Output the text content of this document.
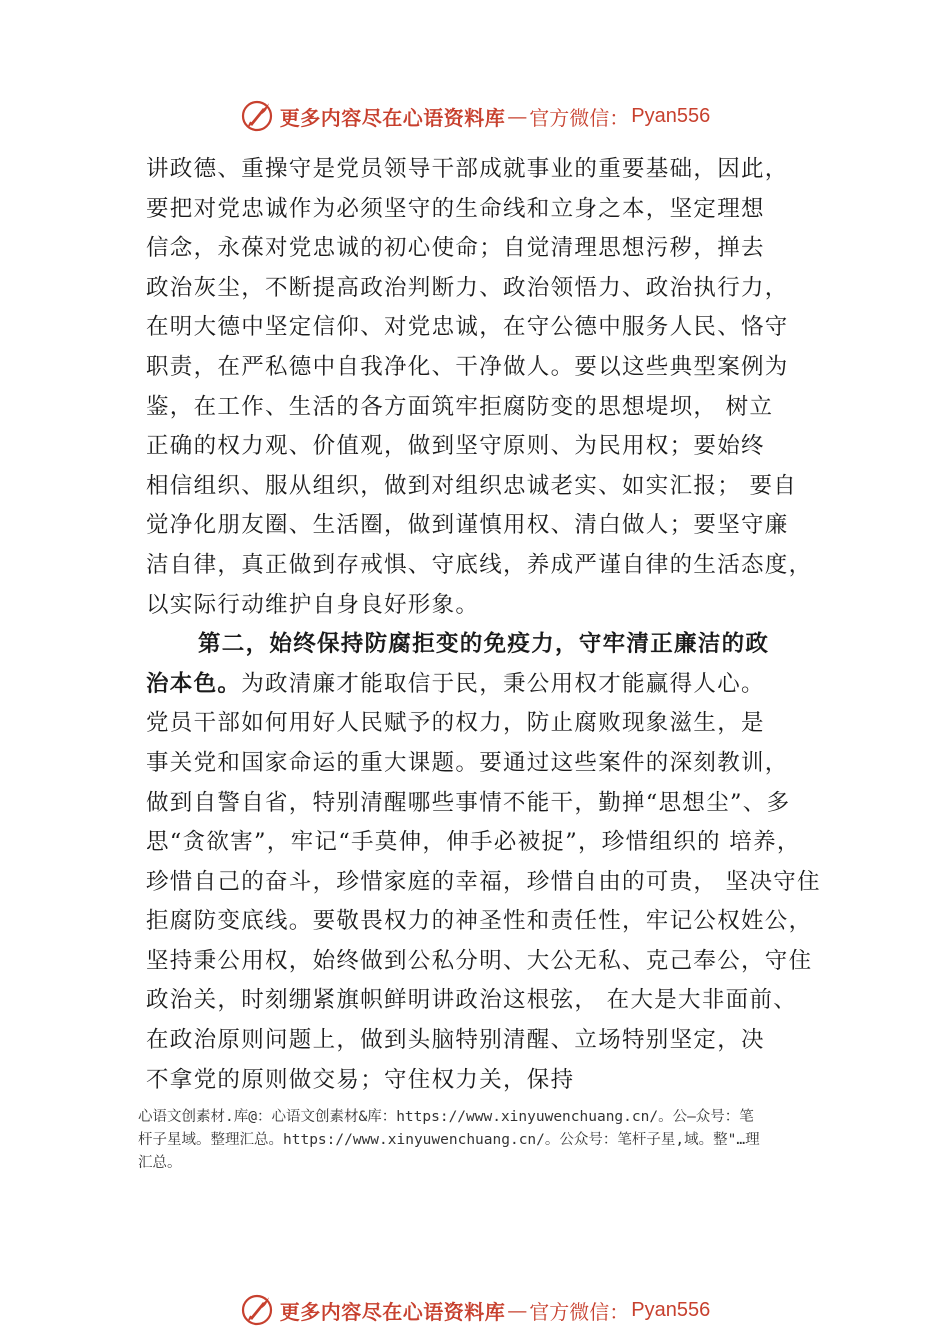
更多内容尽在心语资料库 — 官方微信： Pyan556
讲政德、重操守是党员领导干部成就事业的重要基础，因此，
要把对党忠诚作为必须坚守的生命线和立身之本，坚定理想
信念，永葆对党忠诚的初心使命；自觉清理思想污秽，掸去
政治灰尘，不断提高政治判断力、政治领悟力、政治执行力，
在明大德中坚定信仰、对党忠诚，在守公德中服务人民、恪守
职责，在严私德中自我净化、干净做人。要以这些典型案例为
鉴，在工作、生活的各方面筑牢拒腐防变的思想堤坝， 树立
正确的权力观、价值观，做到坚守原则、为民用权；要始终
相信组织、服从组织，做到对组织忠诚老实、如实汇报； 要自
觉净化朋友圈、生活圈，做到谨慎用权、清白做人；要坚守廉
洁自律，真正做到存戒惧、守底线，养成严谨自律的生活态度，
以实际行动维护自身良好形象。
第二，始终保持防腐拒变的免疫力，守牢清正廉洁的政
治本色。为政清廉才能取信于民，秉公用权才能赢得人心。
党员干部如何用好人民赋予的权力，防止腐败现象滋生，是
事关党和国家命运的重大课题。要通过这些案件的深刻教训，
做到自警自省，特别清醒哪些事情不能干，勤掸“思想尘”、多
思“贪欲害”，牢记“手莫伸，伸手必被捉”，珍惜组织的 培养，
珍惜自己的奋斗，珍惜家庭的幸福，珍惜自由的可贵， 坚决守住
拒腐防变底线。要敬畏权力的神圣性和责任性，牢记公权姓公，
坚持秉公用权，始终做到公私分明、大公无私、克己奉公，守住
政治关，时刻绷紧旗帜鲜明讲政治这根弦， 在大是大非面前、
在政治原则问题上，做到头脑特别清醒、立场特别坚定，决
不拿党的原则做交易；守住权力关，保持
心语文创素材.库@：心语文创素材&库：https://www.xinyuwenchuang.cn/。公—众号：笔
杆子星域。整理汇总。https://www.xinyuwenchuang.cn/。公众号：笔杆子星,域。整"…理
汇总。
更多内容尽在心语资料库 — 官方微信： Pyan556
